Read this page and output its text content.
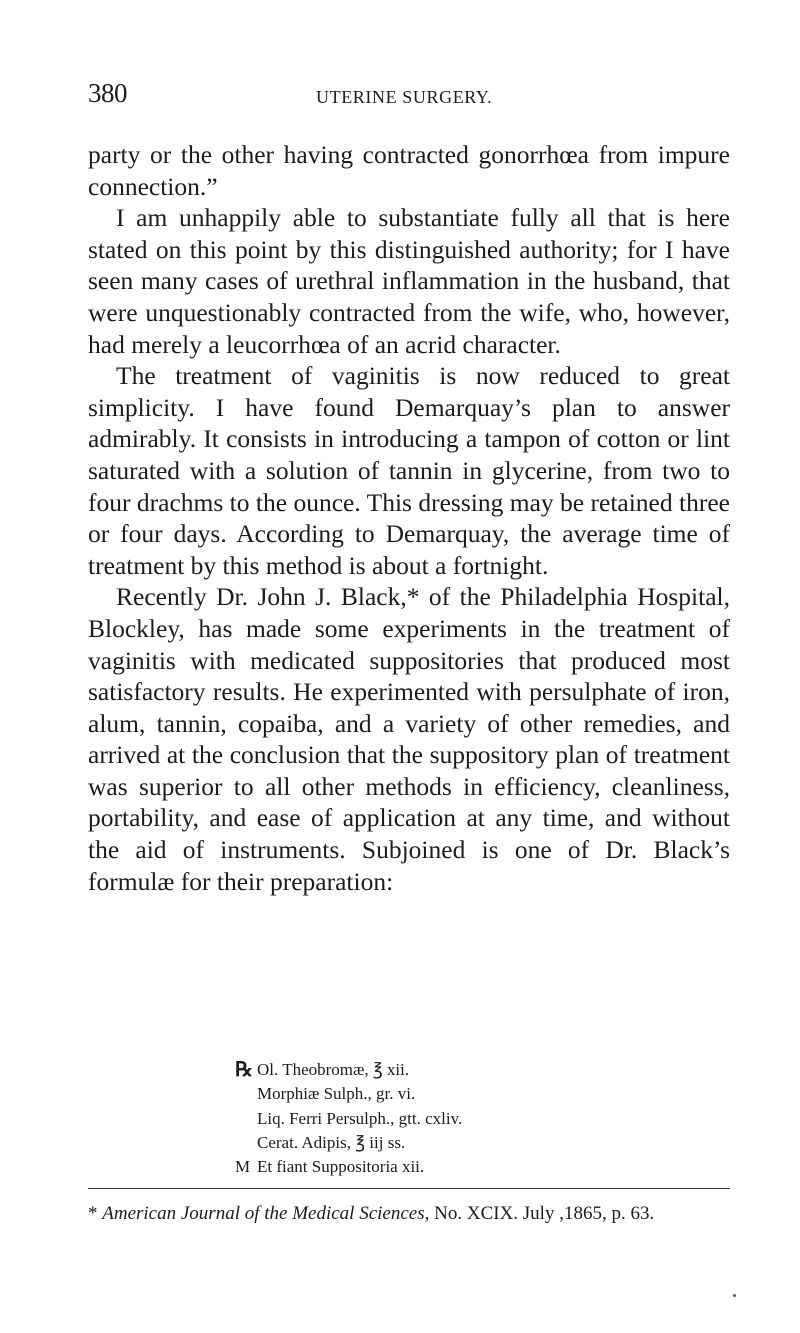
380	UTERINE SURGERY.

party or the other having contracted gonorrhœa from impure connection.”

I am unhappily able to substantiate fully all that is here stated on this point by this distinguished authority; for I have seen many cases of urethral inflammation in the husband, that were unquestionably contracted from the wife, who, however, had merely a leucorrhœa of an acrid character.

The treatment of vaginitis is now reduced to great simplicity. I have found Demarquay’s plan to answer admirably. It consists in introducing a tampon of cotton or lint saturated with a solution of tannin in glycerine, from two to four drachms to the ounce. This dressing may be retained three or four days. According to Demarquay, the average time of treatment by this method is about a fortnight.

Recently Dr. John J. Black,* of the Philadelphia Hospital, Blockley, has made some experiments in the treatment of vaginitis with medicated suppositories that produced most satisfactory results. He experimented with persulphate of iron, alum, tannin, copaiba, and a variety of other remedies, and arrived at the conclusion that the suppository plan of treatment was superior to all other methods in efficiency, cleanliness, portability, and ease of application at any time, and without the aid of instruments. Subjoined is one of Dr. Black’s formulæ for their preparation:

℞ Ol. Theobromæ, ℥ xii.
Morphiæ Sulph., gr. vi.
Liq. Ferri Persulph., gtt. cxliv.
Cerat. Adipis, ℥ iij ss.
M Et fiant Suppositoria xii.
* American Journal of the Medical Sciences, No. XCIX. July ,1865, p. 63.
